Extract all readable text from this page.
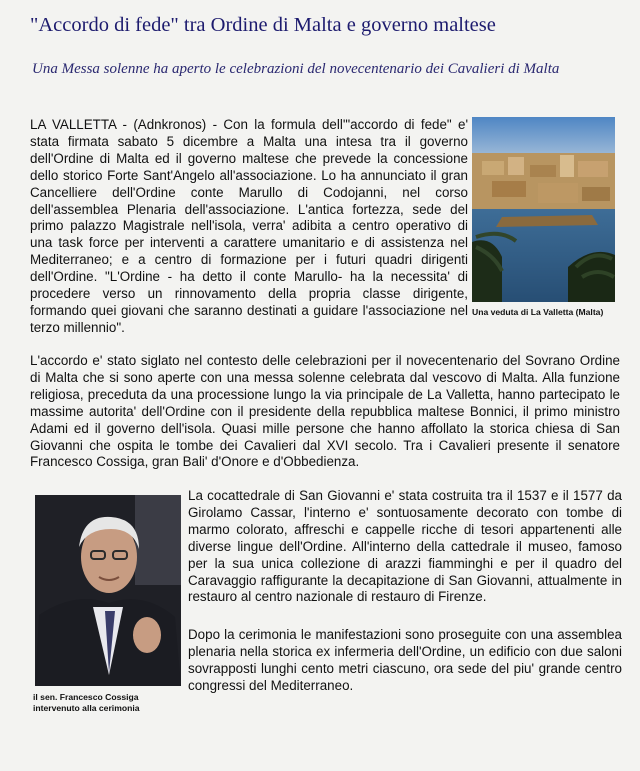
"Accordo di fede" tra Ordine di Malta e governo maltese

Una Messa solenne ha aperto le celebrazioni del novecentenario dei Cavalieri di Malta

LA VALLETTA - (Adnkronos) - Con la formula dell'"accordo di fede" e' stata firmata sabato 5 dicembre a Malta una intesa tra il governo dell'Ordine di Malta ed il governo maltese che prevede la concessione dello storico Forte Sant'Angelo all'associazione. Lo ha annunciato il gran Cancelliere dell'Ordine conte Marullo di Codojanni, nel corso dell'assemblea Plenaria dell'associazione. L'antica fortezza, sede del primo palazzo Magistrale nell'isola, verra' adibita a centro operativo di una task force per interventi a carattere umanitario e di assistenza nel Mediterraneo; e a centro di formazione per i futuri quadri dirigenti dell'Ordine. "L'Ordine - ha detto il conte Marullo- ha la necessita' di procedere verso un rinnovamento della propria classe dirigente, formando quei giovani che saranno destinati a guidare l'associazione nel terzo millennio".

Una veduta di La Valletta (Malta)

L'accordo e' stato siglato nel contesto delle celebrazioni per il novecentenario del Sovrano Ordine di Malta che si sono aperte con una messa solenne celebrata dal vescovo di Malta. Alla funzione religiosa, preceduta da una processione lungo la via principale de La Valletta, hanno partecipato le massime autorita' dell'Ordine con il presidente della repubblica maltese Bonnici, il primo ministro Adami ed il governo dell'isola. Quasi mille persone che hanno affollato la storica chiesa di San Giovanni che ospita le tombe dei Cavalieri dal XVI secolo. Tra i Cavalieri presente il senatore Francesco Cossiga, gran Bali' d'Onore e d'Obbedienza.

il sen. Francesco Cossiga
intervenuto alla cerimonia

La cocattedrale di San Giovanni e' stata costruita tra il 1537 e il 1577 da Girolamo Cassar, l'interno e' sontuosamente decorato con tombe di marmo colorato, affreschi e cappelle ricche di tesori appartenenti alle diverse lingue dell'Ordine. All'interno della cattedrale il museo, famoso per la sua unica collezione di arazzi fiamminghi e per il quadro del Caravaggio raffigurante la decapitazione di San Giovanni, attualmente in restauro al centro nazionale di restauro di Firenze.

Dopo la cerimonia le manifestazioni sono proseguite con una assemblea plenaria nella storica ex infermeria dell'Ordine, un edificio con due saloni sovrapposti lunghi cento metri ciascuno, ora sede del piu' grande centro congressi del Mediterraneo.
